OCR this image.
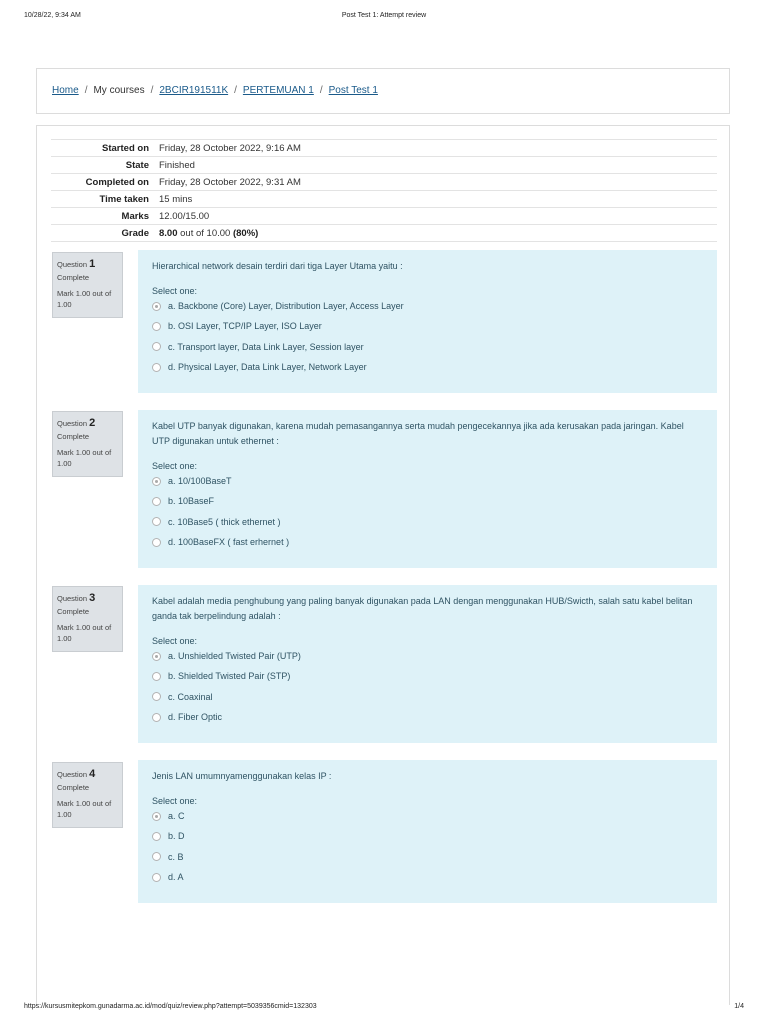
10/28/22, 9:34 AM	Post Test 1: Attempt review
Home / My courses / 2BCIR191511K / PERTEMUAN 1 / Post Test 1
Started on	Friday, 28 October 2022, 9:16 AM
State	Finished
Completed on	Friday, 28 October 2022, 9:31 AM
Time taken	15 mins
Marks	12.00/15.00
Grade	8.00 out of 10.00 (80%)
Question 1
Complete
Mark 1.00 out of 1.00
Hierarchical network desain terdiri dari tiga Layer Utama yaitu :
Select one:
a. Backbone (Core) Layer, Distribution Layer, Access Layer
b. OSI Layer, TCP/IP Layer, ISO Layer
c. Transport layer, Data Link Layer, Session layer
d. Physical Layer, Data Link Layer, Network Layer
Question 2
Complete
Mark 1.00 out of 1.00
Kabel UTP banyak digunakan, karena mudah pemasangannya serta mudah pengecekannya jika ada kerusakan pada jaringan. Kabel UTP digunakan untuk ethernet :
Select one:
a. 10/100BaseT
b. 10BaseF
c. 10Base5 ( thick ethernet )
d. 100BaseFX ( fast erhernet )
Question 3
Complete
Mark 1.00 out of 1.00
Kabel adalah media penghubung yang paling banyak digunakan pada LAN dengan menggunakan HUB/Swicth, salah satu kabel belitan ganda tak berpelindung adalah :
Select one:
a. Unshielded Twisted Pair (UTP)
b. Shielded Twisted Pair (STP)
c. Coaxinal
d. Fiber Optic
Question 4
Complete
Mark 1.00 out of 1.00
Jenis LAN umumnyamenggunakan kelas IP :
Select one:
a. C
b. D
c. B
d. A
https://kursusmitepkom.gunadarma.ac.id/mod/quiz/review.php?attempt=5039356cmid=132303	1/4
